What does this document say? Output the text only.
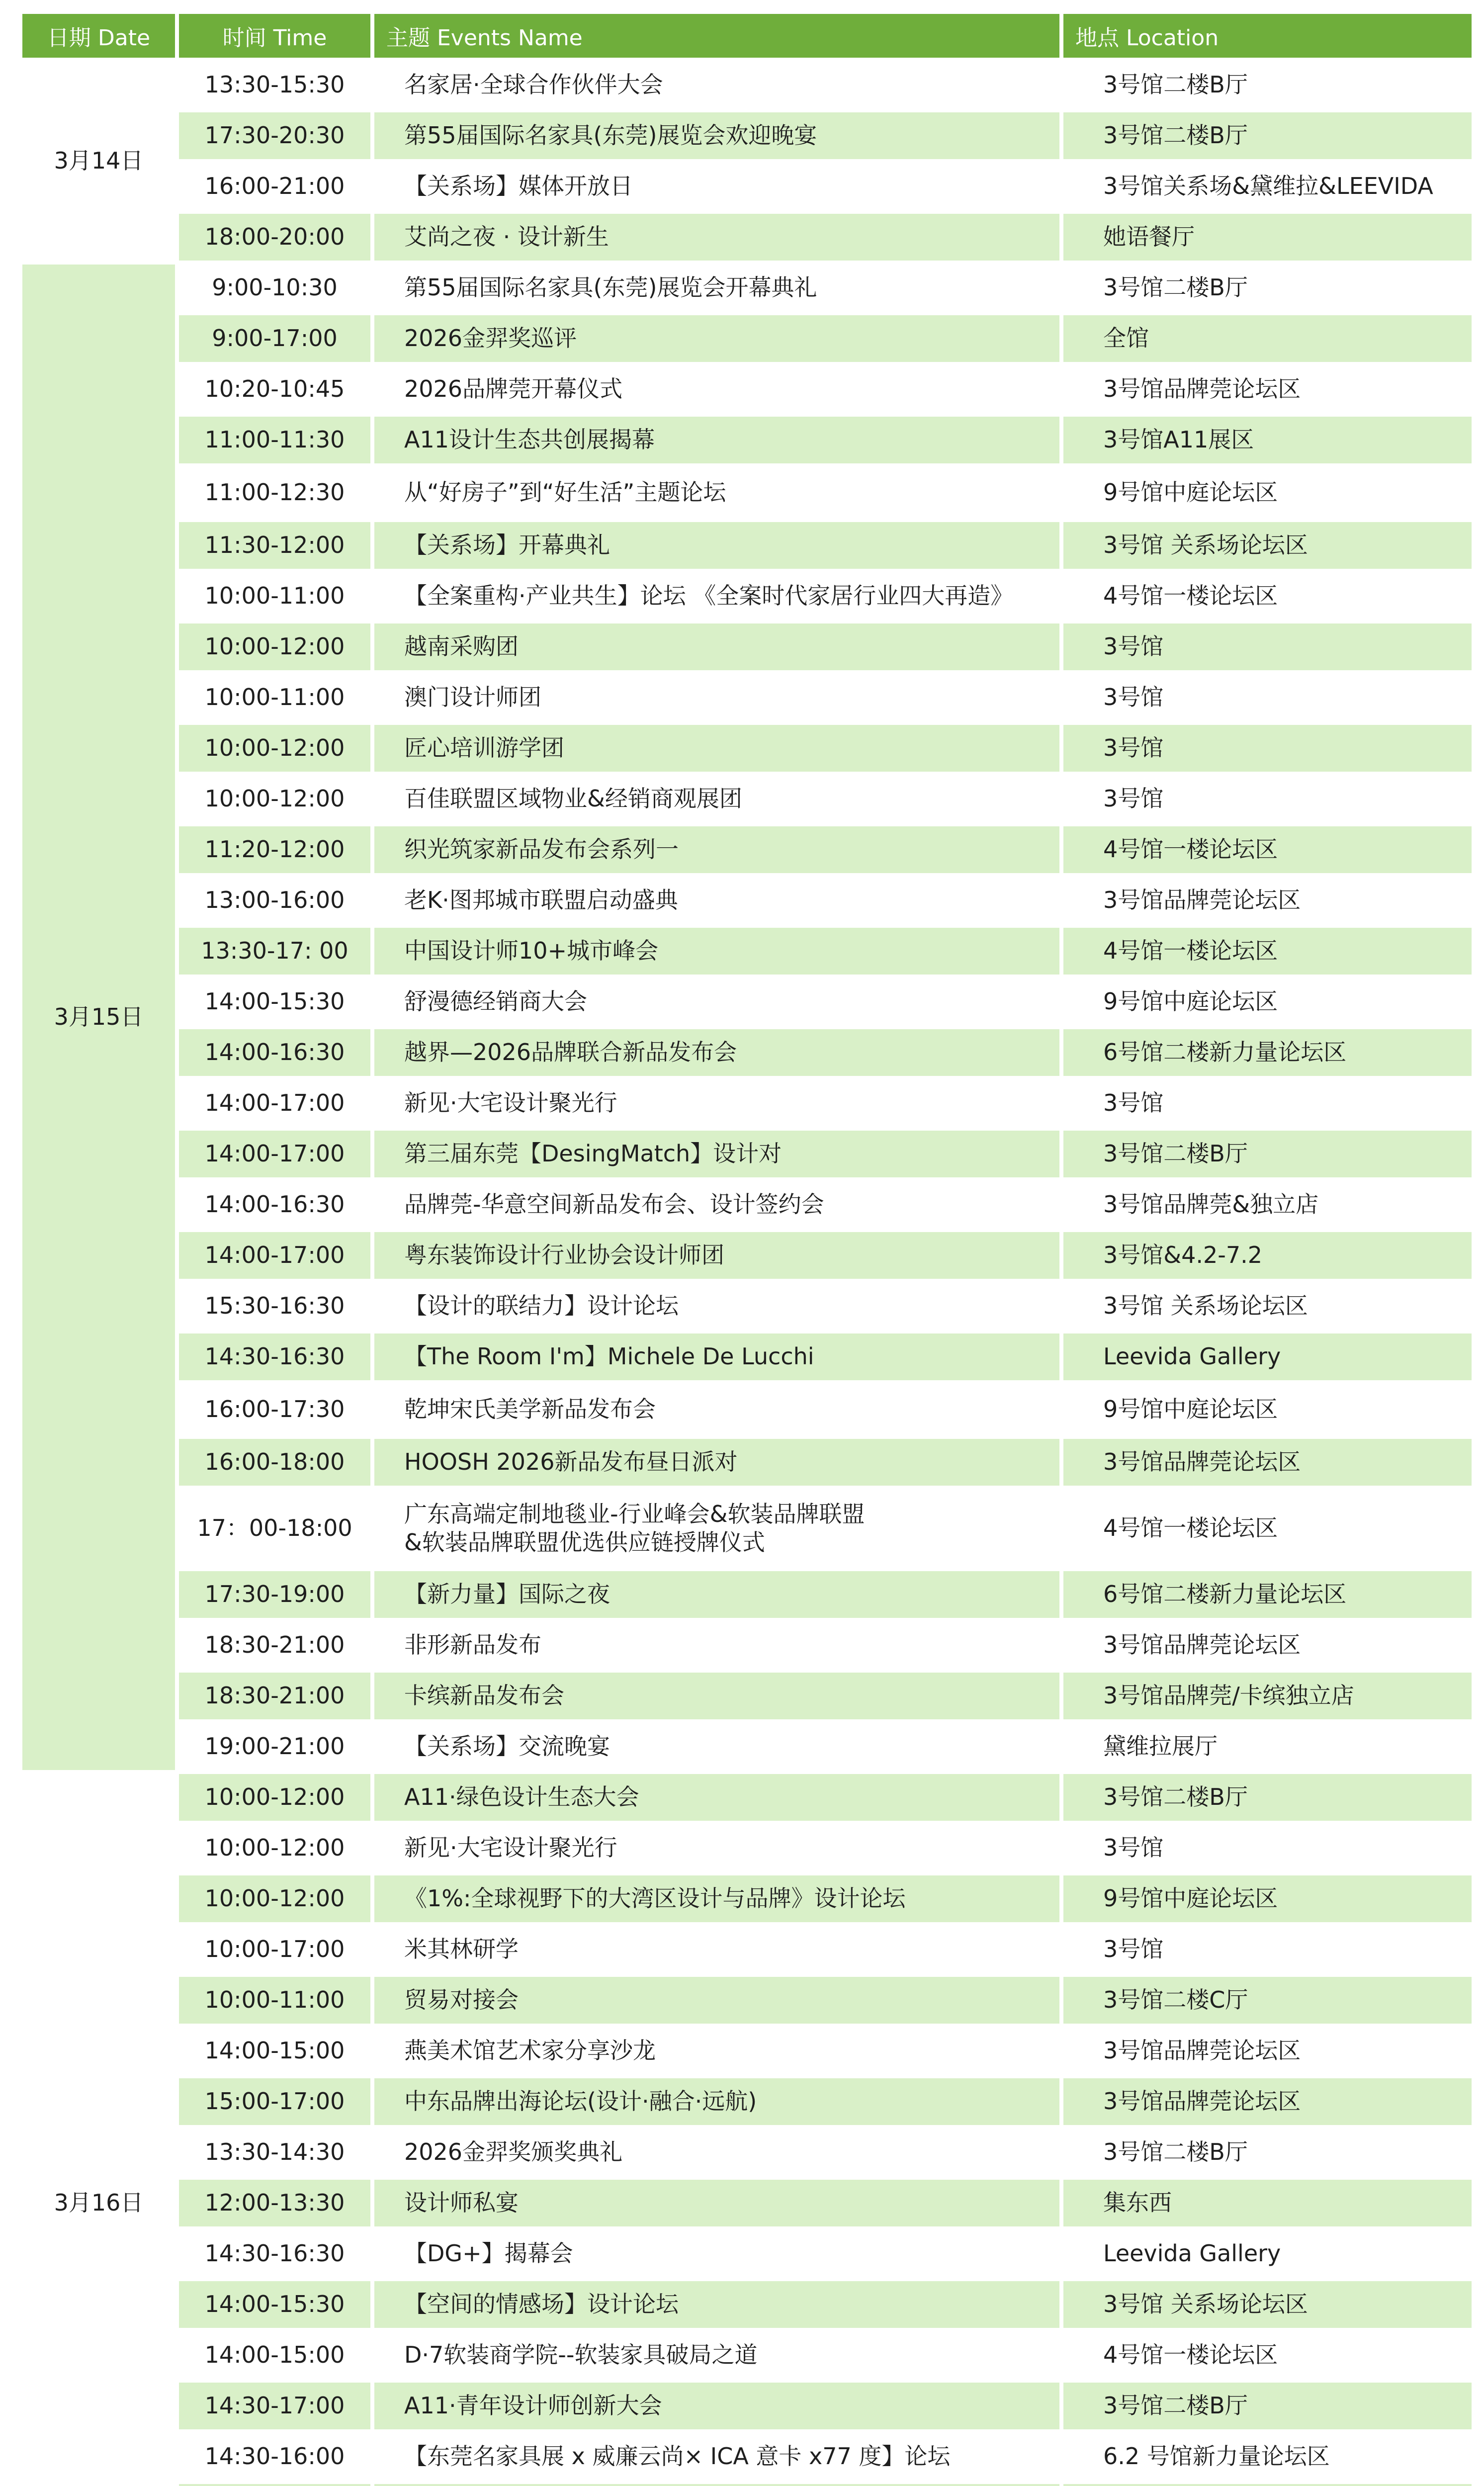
日期 Date	时间 Time	主题 Events Name	地点 Location
3月14日	13:30-15:30	名家居·全球合作伙伴大会	3号馆二楼B厅

	17:30-20:30	第55届国际名家具(东莞)展览会欢迎晚宴	3号馆二楼B厅

	16:00-21:00	【关系场】媒体开放日	3号馆关系场&黛维拉&LEEVIDA

	18:00-20:00	艾尚之夜 · 设计新生	她语餐厅

3月15日	9:00-10:30	第55届国际名家具(东莞)展览会开幕典礼	3号馆二楼B厅

	9:00-17:00	2026金羿奖巡评	全馆

	10:20-10:45	2026品牌莞开幕仪式	3号馆品牌莞论坛区

	11:00-11:30	A11设计生态共创展揭幕	3号馆A11展区

	11:00-12:30	从“好房子”到“好生活”主题论坛	9号馆中庭论坛区

	11:30-12:00	【关系场】开幕典礼	3号馆 关系场论坛区

	10:00-11:00	【全案重构·产业共生】论坛 《全案时代家居行业四大再造》	4号馆一楼论坛区

	10:00-12:00	越南采购团	3号馆

	10:00-11:00	澳门设计师团	3号馆

	10:00-12:00	匠心培训游学团	3号馆

	10:00-12:00	百佳联盟区域物业&经销商观展团	3号馆

	11:20-12:00	织光筑家新品发布会系列一	4号馆一楼论坛区

	13:00-16:00	老K·图邦城市联盟启动盛典	3号馆品牌莞论坛区

	13:30-17: 00	中国设计师10+城市峰会	4号馆一楼论坛区

	14:00-15:30	舒漫德经销商大会	9号馆中庭论坛区

	14:00-16:30	越界—2026品牌联合新品发布会	6号馆二楼新力量论坛区

	14:00-17:00	新见·大宅设计聚光行	3号馆

	14:00-17:00	第三届东莞【DesingMatch】设计对	3号馆二楼B厅

	14:00-16:30	品牌莞-华意空间新品发布会、设计签约会	3号馆品牌莞&独立店

	14:00-17:00	粤东装饰设计行业协会设计师团	3号馆&4.2-7.2

	15:30-16:30	【设计的联结力】设计论坛	3号馆 关系场论坛区

	14:30-16:30	【The Room I'm】Michele De Lucchi	Leevida Gallery

	16:00-17:30	乾坤宋氏美学新品发布会	9号馆中庭论坛区

	16:00-18:00	HOOSH 2026新品发布昼日派对	3号馆品牌莞论坛区

	17：00-18:00	广东高端定制地毯业-行业峰会&软装品牌联盟
&软装品牌联盟优选供应链授牌仪式	4号馆一楼论坛区

	17:30-19:00	【新力量】国际之夜	6号馆二楼新力量论坛区

	18:30-21:00	非形新品发布	3号馆品牌莞论坛区

	18:30-21:00	卡缤新品发布会	3号馆品牌莞/卡缤独立店

	19:00-21:00	【关系场】交流晚宴	黛维拉展厅

3月16日	10:00-12:00	A11·绿色设计生态大会	3号馆二楼B厅

	10:00-12:00	新见·大宅设计聚光行	3号馆

	10:00-12:00	《1%:全球视野下的大湾区设计与品牌》设计论坛	9号馆中庭论坛区

	10:00-17:00	米其林研学	3号馆

	10:00-11:00	贸易对接会	3号馆二楼C厅

	14:00-15:00	燕美术馆艺术家分享沙龙	3号馆品牌莞论坛区

	15:00-17:00	中东品牌出海论坛(设计·融合·远航)	3号馆品牌莞论坛区

	13:30-14:30	2026金羿奖颁奖典礼	3号馆二楼B厅

	12:00-13:30	设计师私宴	集东西

	14:30-16:30	【DG+】揭幕会	Leevida Gallery

	14:00-15:30	【空间的情感场】设计论坛	3号馆 关系场论坛区

	14:00-15:00	D·7软装商学院--软装家具破局之道	4号馆一楼论坛区

	14:30-17:00	A11·青年设计师创新大会	3号馆二楼B厅

	14:30-16:00	【东莞名家具展 x 威廉云尚× ICA 意卡 x77 度】论坛	6.2 号馆新力量论坛区
